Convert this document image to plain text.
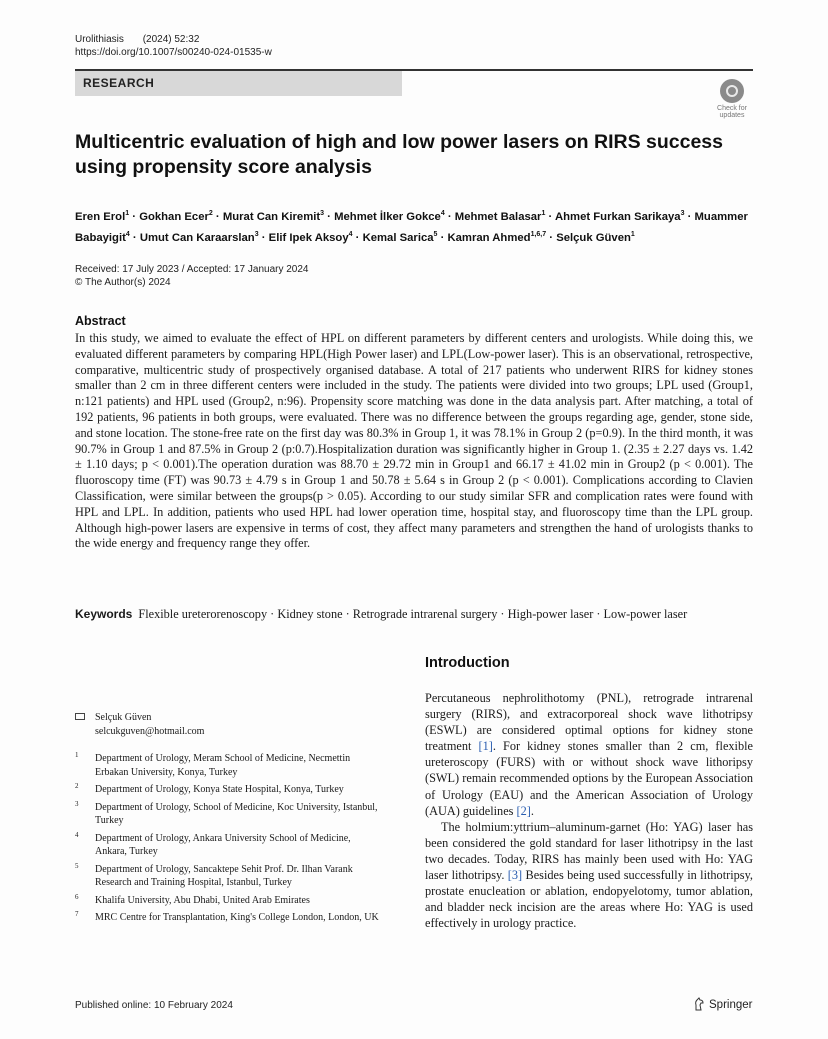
Urolithiasis (2024) 52:32
https://doi.org/10.1007/s00240-024-01535-w
RESEARCH
Check for updates
Multicentric evaluation of high and low power lasers on RIRS success using propensity score analysis
Eren Erol$^1$ · Gokhan Ecer$^2$ · Murat Can Kiremit$^3$ · Mehmet İlker Gokce$^4$ · Mehmet Balasar$^1$ · Ahmet Furkan Sarikaya$^3$ · Muammer Babayigit$^4$ · Umut Can Karaarslan$^3$ · Elif Ipek Aksoy$^4$ · Kemal Sarica$^5$ · Kamran Ahmed$^{1,6,7}$ · Selçuk Güven$^1$
Received: 17 July 2023 / Accepted: 17 January 2024
© The Author(s) 2024
Abstract
In this study, we aimed to evaluate the effect of HPL on different parameters by different centers and urologists. While doing this, we evaluated different parameters by comparing HPL(High Power laser) and LPL(Low-power laser). This is an observational, retrospective, comparative, multicentric study of prospectively organised database. A total of 217 patients who underwent RIRS for kidney stones smaller than 2 cm in three different centers were included in the study. The patients were divided into two groups; LPL used (Group1, n:121 patients) and HPL used (Group2, n:96). Propensity score matching was done in the data analysis part. After matching, a total of 192 patients, 96 patients in both groups, were evaluated. There was no difference between the groups regarding age, gender, stone side, and stone location. The stone-free rate on the first day was 80.3% in Group 1, it was 78.1% in Group 2 (p=0.9). In the third month, it was 90.7% in Group 1 and 87.5% in Group 2 (p:0.7).Hospitalization duration was significantly higher in Group 1. (2.35 ± 2.27 days vs. 1.42 ± 1.10 days; p < 0.001).The operation duration was 88.70 ± 29.72 min in Group1 and 66.17 ± 41.02 min in Group2 (p < 0.001). The fluoroscopy time (FT) was 90.73 ± 4.79 s in Group 1 and 50.78 ± 5.64 s in Group 2 (p < 0.001). Complications according to Clavien Classification, were similar between the groups(p > 0.05). According to our study similar SFR and complication rates were found with HPL and LPL. In addition, patients who used HPL had lower operation time, hospital stay, and fluoroscopy time than the LPL group. Although high-power lasers are expensive in terms of cost, they affect many parameters and strengthen the hand of urologists thanks to the wide energy and frequency range they offer.
Keywords Flexible ureterorenoscopy · Kidney stone · Retrograde intrarenal surgery · High-power laser · Low-power laser
Introduction

Percutaneous nephrolithotomy (PNL), retrograde intrarenal surgery (RIRS), and extracorporeal shock wave lithotripsy (ESWL) are considered optimal options for kidney stone treatment [1]. For kidney stones smaller than 2 cm, flexible ureteroscopy (FURS) with or without shock wave lithoripsy (SWL) remain recommended options by the European Association of Urology (EAU) and the American Association of Urology (AUA) guidelines [2].

The holmium:yttrium–aluminum-garnet (Ho: YAG) laser has been considered the gold standard for laser lithotripsy in the last two decades. Today, RIRS has mainly been used with Ho: YAG laser lithotripsy. [3] Besides being used successfully in lithotripsy, prostate enucleation or ablation, endopyelotomy, tumor ablation, and bladder neck incision are the areas where Ho: YAG is used effectively in urology practice.

Selçuk Güven
selcukguven@hotmail.com
1 Department of Urology, Meram School of Medicine, Necmettin Erbakan University, Konya, Turkey
2 Department of Urology, Konya State Hospital, Konya, Turkey
3 Department of Urology, School of Medicine, Koc University, Istanbul, Turkey
4 Department of Urology, Ankara University School of Medicine, Ankara, Turkey
5 Department of Urology, Sancaktepe Sehit Prof. Dr. Ilhan Varank Research and Training Hospital, Istanbul, Turkey
6 Khalifa University, Abu Dhabi, United Arab Emirates
7 MRC Centre for Transplantation, King's College London, London, UK
Published online: 10 February 2024	Springer
